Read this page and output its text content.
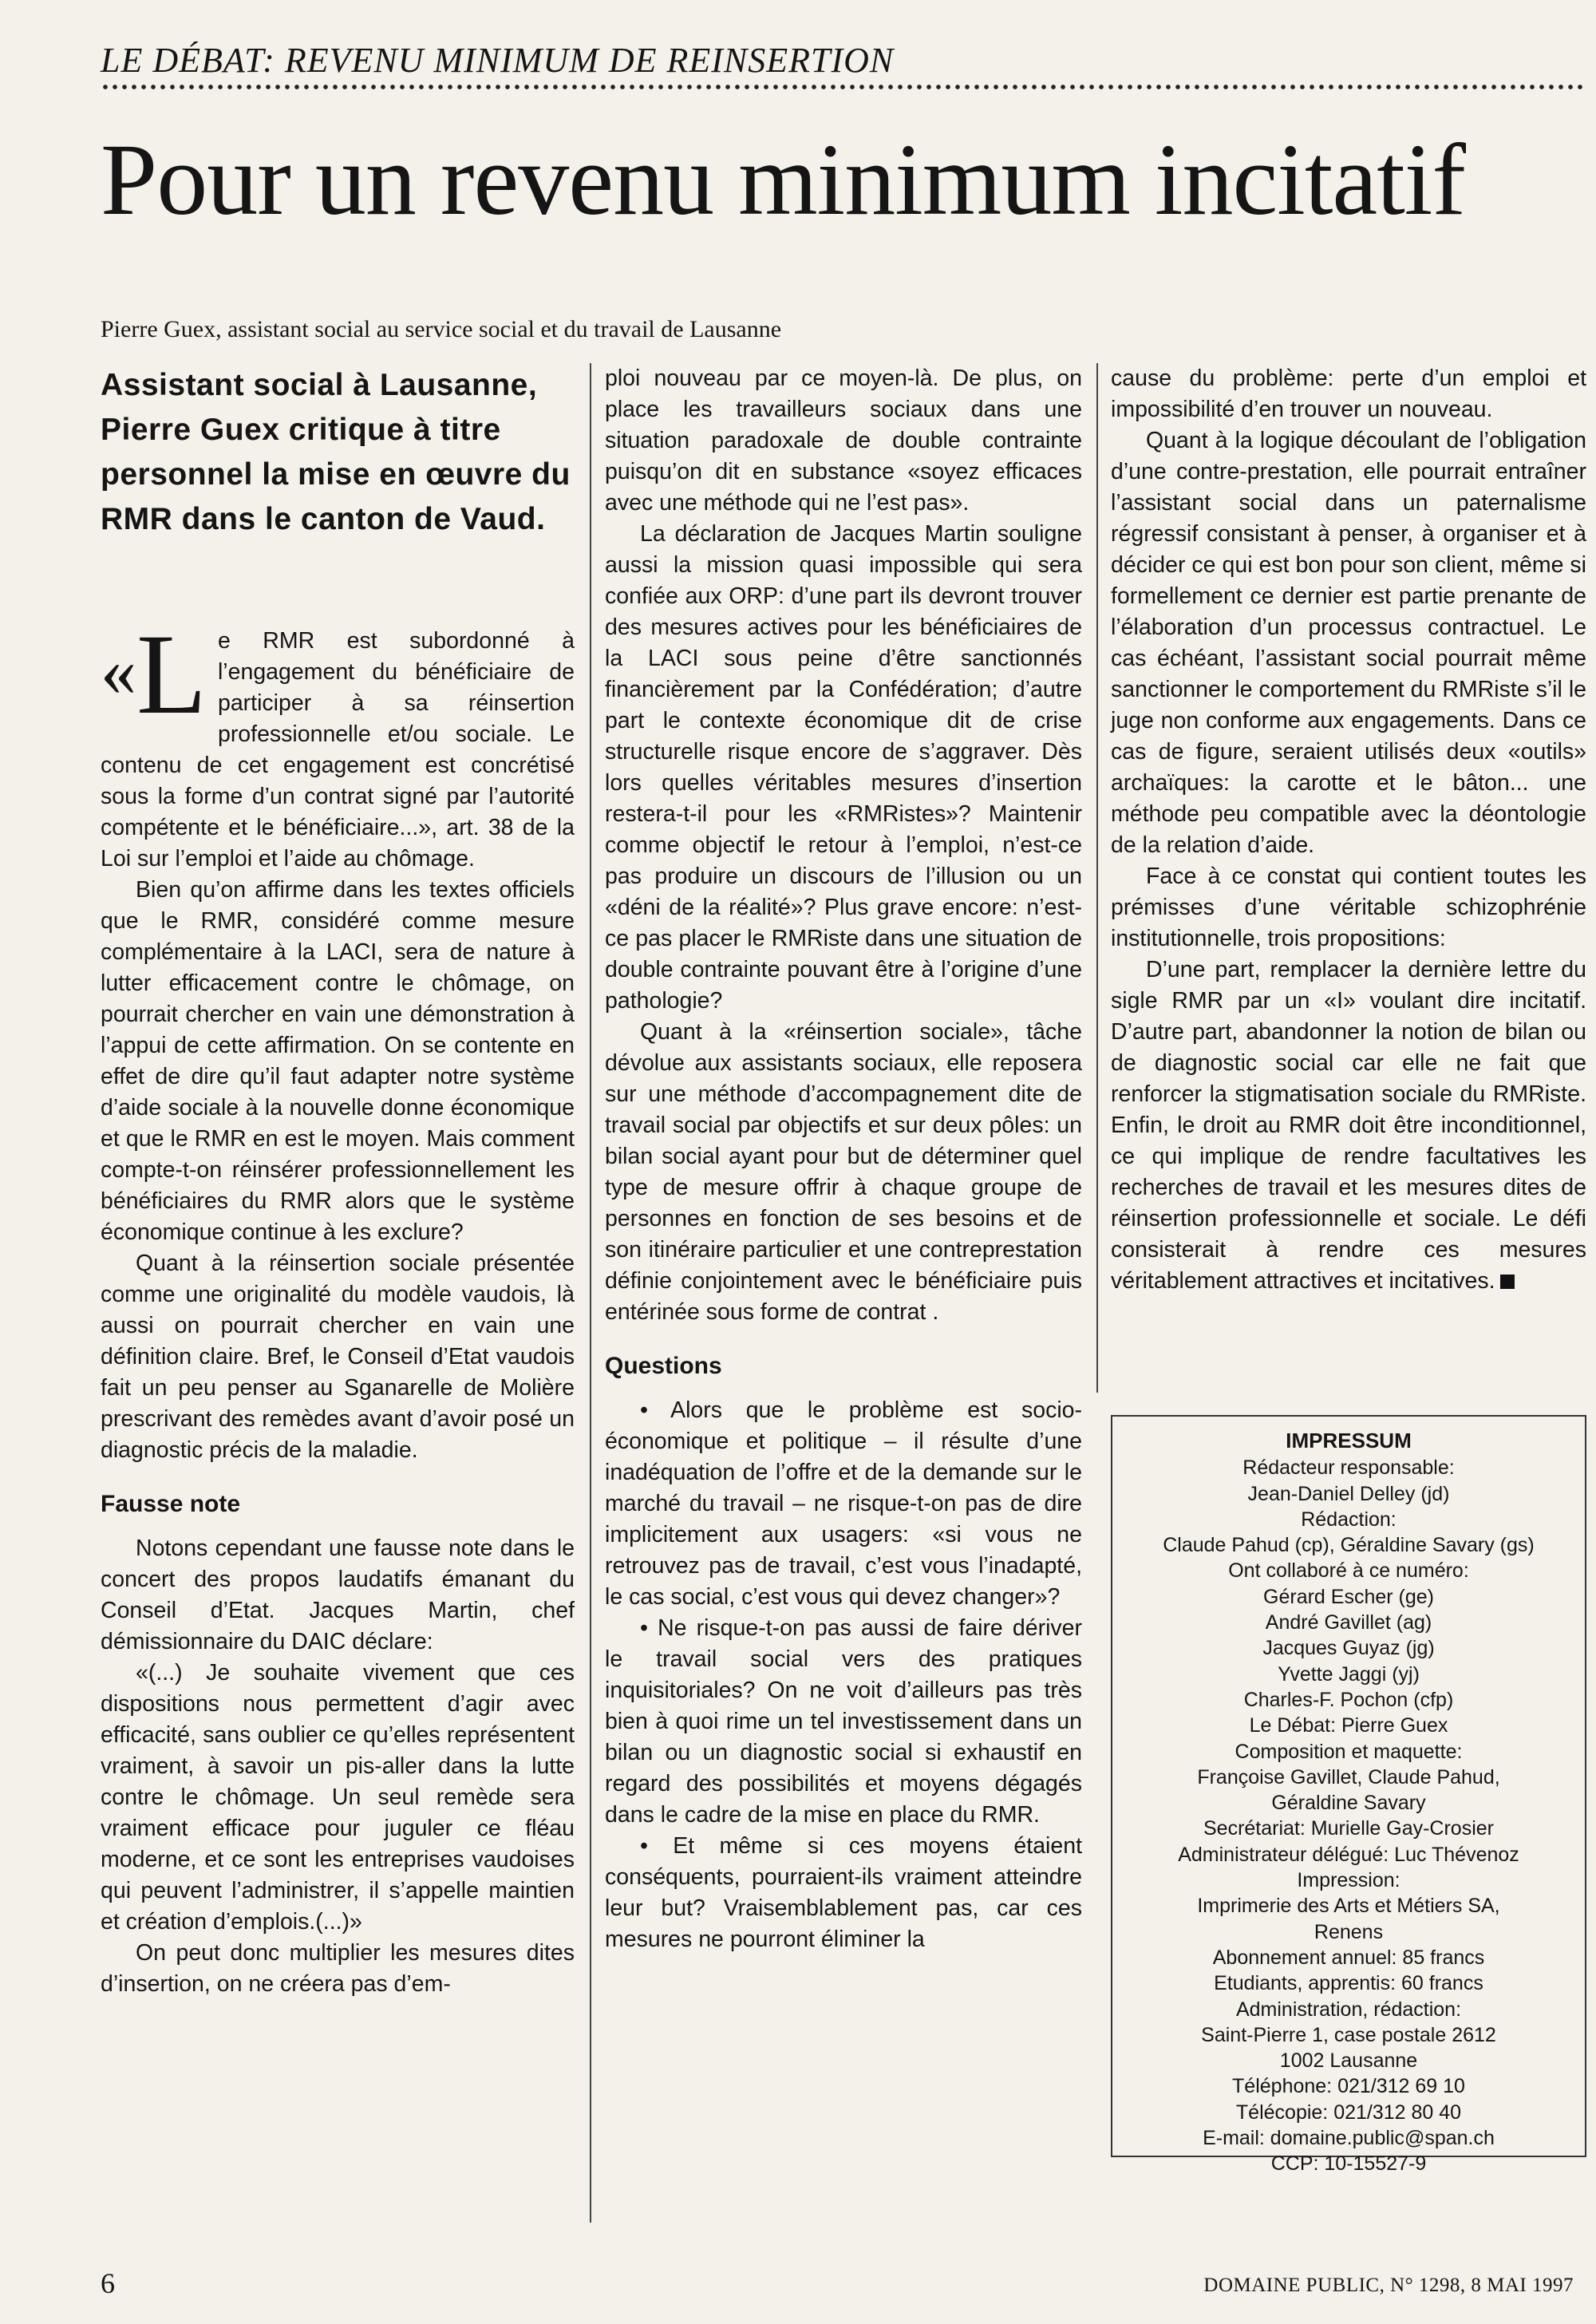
LE DÉBAT: REVENU MINIMUM DE REINSERTION
Pour un revenu minimum incitatif
Pierre Guex, assistant social au service social et du travail de Lausanne
Assistant social à Lausanne, Pierre Guex critique à titre personnel la mise en œuvre du RMR dans le canton de Vaud.

« L e RMR est subordonné à l’engagement du bénéficiaire de participer à sa réinsertion professionnelle et/ou sociale. Le contenu de cet engagement est concrétisé sous la forme d’un contrat signé par l’autorité compétente et le bénéficiaire...», art. 38 de la Loi sur l’emploi et l’aide au chômage.

Bien qu’on affirme dans les textes officiels que le RMR, considéré comme mesure complémentaire à la LACI, sera de nature à lutter efficacement contre le chômage, on pourrait chercher en vain une démonstration à l’appui de cette affirmation. On se contente en effet de dire qu’il faut adapter notre système d’aide sociale à la nouvelle donne économique et que le RMR en est le moyen. Mais comment compte-t-on réinsérer professionnellement les bénéficiaires du RMR alors que le système économique continue à les exclure?

Quant à la réinsertion sociale présentée comme une originalité du modèle vaudois, là aussi on pourrait chercher en vain une définition claire. Bref, le Conseil d’Etat vaudois fait un peu penser au Sganarelle de Molière prescrivant des remèdes avant d’avoir posé un diagnostic précis de la maladie.

Fausse note

Notons cependant une fausse note dans le concert des propos laudatifs émanant du Conseil d’Etat. Jacques Martin, chef démissionnaire du DAIC déclare:

«(...) Je souhaite vivement que ces dispositions nous permettent d’agir avec efficacité, sans oublier ce qu’elles représentent vraiment, à savoir un pis-aller dans la lutte contre le chômage. Un seul remède sera vraiment efficace pour juguler ce fléau moderne, et ce sont les entreprises vaudoises qui peuvent l’administrer, il s’appelle maintien et création d’emplois.(...)»

On peut donc multiplier les mesures dites d’insertion, on ne créera pas d’em-

ploi nouveau par ce moyen-là. De plus, on place les travailleurs sociaux dans une situation paradoxale de double contrainte puisqu’on dit en substance «soyez efficaces avec une méthode qui ne l’est pas».

La déclaration de Jacques Martin souligne aussi la mission quasi impossible qui sera confiée aux ORP: d’une part ils devront trouver des mesures actives pour les bénéficiaires de la LACI sous peine d’être sanctionnés financièrement par la Confédération; d’autre part le contexte économique dit de crise structurelle risque encore de s’aggraver. Dès lors quelles véritables mesures d’insertion restera-t-il pour les «RMRistes»? Maintenir comme objectif le retour à l’emploi, n’est-ce pas produire un discours de l’illusion ou un «déni de la réalité»? Plus grave encore: n’est-ce pas placer le RMRiste dans une situation de double contrainte pouvant être à l’origine d’une pathologie?

Quant à la «réinsertion sociale», tâche dévolue aux assistants sociaux, elle reposera sur une méthode d’accompagnement dite de travail social par objectifs et sur deux pôles: un bilan social ayant pour but de déterminer quel type de mesure offrir à chaque groupe de personnes en fonction de ses besoins et de son itinéraire particulier et une contreprestation définie conjointement avec le bénéficiaire puis entérinée sous forme de contrat .

Questions

• Alors que le problème est socio-économique et politique – il résulte d’une inadéquation de l’offre et de la demande sur le marché du travail – ne risque-t-on pas de dire implicitement aux usagers: «si vous ne retrouvez pas de travail, c’est vous l’inadapté, le cas social, c’est vous qui devez changer»?

• Ne risque-t-on pas aussi de faire dériver le travail social vers des pratiques inquisitoriales? On ne voit d’ailleurs pas très bien à quoi rime un tel investissement dans un bilan ou un diagnostic social si exhaustif en regard des possibilités et moyens dégagés dans le cadre de la mise en place du RMR.

• Et même si ces moyens étaient conséquents, pourraient-ils vraiment atteindre leur but? Vraisemblablement pas, car ces mesures ne pourront éliminer la

cause du problème: perte d’un emploi et impossibilité d’en trouver un nouveau.

Quant à la logique découlant de l’obligation d’une contre-prestation, elle pourrait entraîner l’assistant social dans un paternalisme régressif consistant à penser, à organiser et à décider ce qui est bon pour son client, même si formellement ce dernier est partie prenante de l’élaboration d’un processus contractuel. Le cas échéant, l’assistant social pourrait même sanctionner le comportement du RMRiste s’il le juge non conforme aux engagements. Dans ce cas de figure, seraient utilisés deux «outils» archaïques: la carotte et le bâton... une méthode peu compatible avec la déontologie de la relation d’aide.

Face à ce constat qui contient toutes les prémisses d’une véritable schizophrénie institutionnelle, trois propositions:

D’une part, remplacer la dernière lettre du sigle RMR par un «I» voulant dire incitatif. D’autre part, abandonner la notion de bilan ou de diagnostic social car elle ne fait que renforcer la stigmatisation sociale du RMRiste. Enfin, le droit au RMR doit être inconditionnel, ce qui implique de rendre facultatives les recherches de travail et les mesures dites de réinsertion professionnelle et sociale. Le défi consisterait à rendre ces mesures véritablement attractives et incitatives.

IMPRESSUM
Rédacteur responsable:
Jean-Daniel Delley (jd)
Rédaction:
Claude Pahud (cp), Géraldine Savary (gs)
Ont collaboré à ce numéro:
Gérard Escher (ge)
André Gavillet (ag)
Jacques Guyaz (jg)
Yvette Jaggi (yj)
Charles-F. Pochon (cfp)
Le Débat: Pierre Guex
Composition et maquette:
Françoise Gavillet, Claude Pahud,
Géraldine Savary
Secrétariat: Murielle Gay-Crosier
Administrateur délégué: Luc Thévenoz
Impression:
Imprimerie des Arts et Métiers SA,
Renens
Abonnement annuel: 85 francs
Etudiants, apprentis: 60 francs
Administration, rédaction:
Saint-Pierre 1, case postale 2612
1002 Lausanne
Téléphone: 021/312 69 10
Télécopie: 021/312 80 40
E-mail: domaine.public@span.ch
CCP: 10-15527-9
6	DOMAINE PUBLIC, N° 1298, 8 MAI 1997
